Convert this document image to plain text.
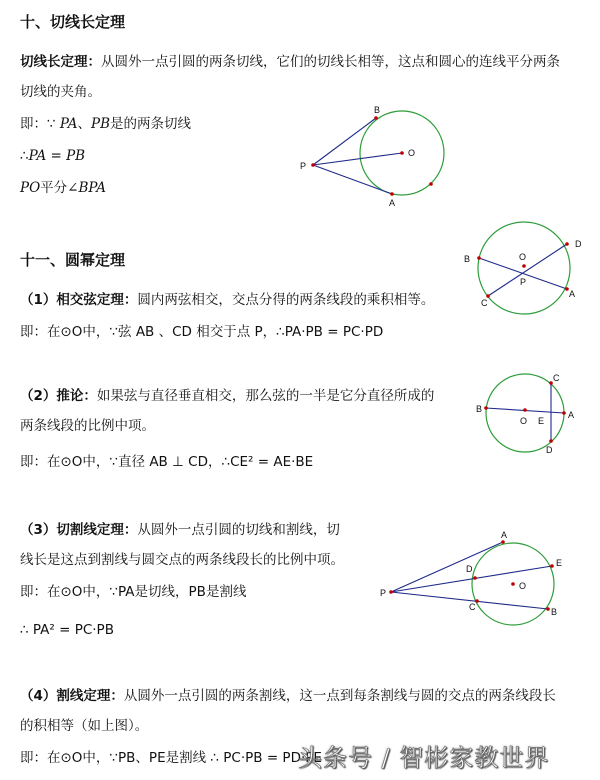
十、切线长定理
切线长定理：从圆外一点引圆的两条切线，它们的切线长相等，这点和圆心的连线平分两条
切线的夹角。
即：∵ PA、PB是的两条切线
∴PA = PB
PO平分∠BPA
B
P
O
A
十一、圆幂定理
（1）相交弦定理：圆内两弦相交，交点分得的两条线段的乘积相等。
即：在⊙O中，∵弦 AB 、CD 相交于点 P，∴PA·PB = PC·PD
（2）推论：如果弦与直径垂直相交，那么弦的一半是它分直径所成的
两条线段的比例中项。
即：在⊙O中，∵直径 AB ⊥ CD，∴CE² = AE·BE
（3）切割线定理：从圆外一点引圆的切线和割线，切
线长是这点到割线与圆交点的两条线段长的比例中项。
即：在⊙O中，∵PA是切线，PB是割线
∴ PA² = PC·PB
（4）割线定理：从圆外一点引圆的两条割线，这一点到每条割线与圆的交点的两条线段长
的积相等（如上图）。
即：在⊙O中，∵PB、PE是割线 ∴ PC·PB = PD·PE
B
C
O
P
D
A
C
B
O E
A
D
A
D
E
O
P
C	B
头条号 / 智彬家教世界
